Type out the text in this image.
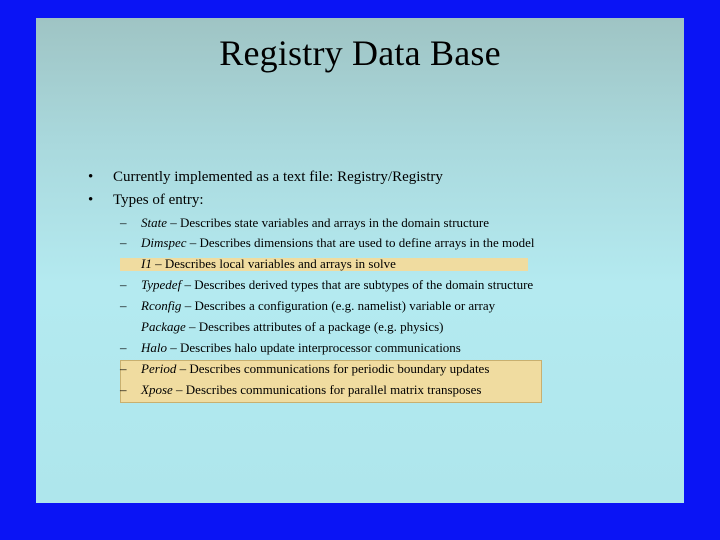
Registry Data Base
• Currently implemented as a text file: Registry/Registry
• Types of entry:
– State – Describes state variables and arrays in the domain structure
– Dimspec – Describes dimensions that are used to define arrays in the model
I1 – Describes local variables and arrays in solve
– Typedef – Describes derived types that are subtypes of the domain structure
– Rconfig – Describes a configuration (e.g. namelist) variable or array
Package – Describes attributes of a package (e.g. physics)
– Halo – Describes halo update interprocessor communications
– Period – Describes communications for periodic boundary updates
– Xpose – Describes communications for parallel matrix transposes
